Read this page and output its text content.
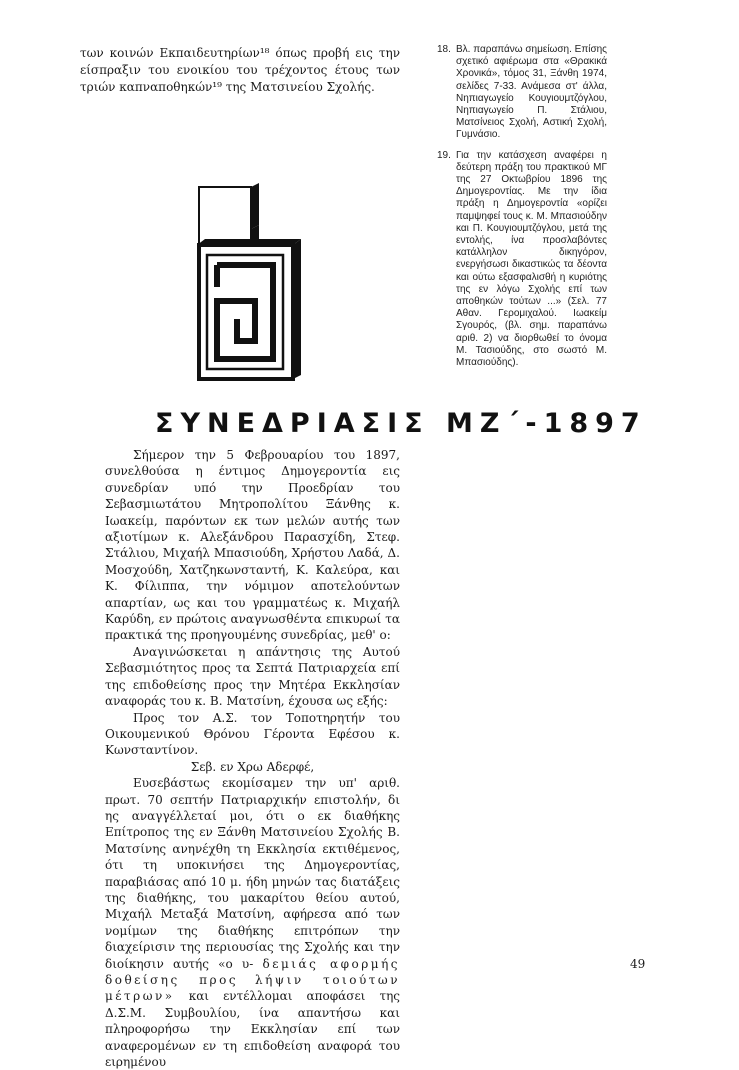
των κοινών Εκπαιδευτηρίων¹⁸ όπως προβή εις την είσπραξιν του ενοικίου του τρέχοντος έτους των τριών καπναποθηκών¹⁹ της Ματσινείου Σχολής.

18. Βλ. παραπάνω σημείωση. Επίσης σχετικό αφιέρωμα στα «Θρακικά Χρονικά», τόμος 31, Ξάνθη 1974, σελίδες 7-33. Ανάμεσα στ' άλλα, Νηπιαγωγείο Κουγιουμτζόγλου, Νηπιαγωγείο Π. Στάλιου, Ματσίνειος Σχολή, Αστική Σχολή, Γυμνάσιο.

19. Για την κατάσχεση αναφέρει η δεύτερη πράξη του πρακτικού ΜΓ της 27 Οκτωβρίου 1896 της Δημογεροντίας. Με την ίδια πράξη η Δημογεροντία «ορίζει παμψηφεί τους κ. Μ. Μπασιούδην και Π. Κουγιουμτζόγλου, μετά της εντολής, ίνα προσλαβόντες κατάλληλον δικηγόρον, ενεργήσωσι δικαστικώς τα δέοντα και ούτω εξασφαλισθή η κυριότης της εν λόγω Σχολής επί των αποθηκών τούτων ...» (Σελ. 77 Αθαν. Γερομιχαλού. Ιωακείμ Σγουρός, (βλ. σημ. παραπάνω αριθ. 2) να διορθωθεί το όνομα Μ. Τασιούδης, στο σωστό Μ. Μπασιούδης).

ΣΥΝΕΔΡΙΑΣΙΣ ΜΖ΄-1897

Σήμερον την 5 Φεβρουαρίου του 1897, συνελθούσα η έντιμος Δημογεροντία εις συνεδρίαν υπό την Προεδρίαν του Σεβασμιωτάτου Μητροπολίτου Ξάνθης κ. Ιωακείμ, παρόντων εκ των μελών αυτής των αξιοτίμων κ. Αλεξάνδρου Παρασχίδη, Στεφ. Στάλιου, Μιχαήλ Μπασιούδη, Χρήστου Λαδά, Δ. Μοσχούδη, Χατζηκωνσταντή, Κ. Καλεύρα, και Κ. Φίλιππα, την νόμιμον αποτελούντων απαρτίαν, ως και του γραμματέως κ. Μιχαήλ Καρύδη, εν πρώτοις αναγνωσθέντα επικυρωί τα πρακτικά της προηγουμένης συνεδρίας, μεθ' ο:

Αναγινώσκεται η απάντησις της Αυτού Σεβασμιότητος προς τα Σεπτά Πατριαρχεία επί της επιδοθείσης προς την Μητέρα Εκκλησίαν αναφοράς του κ. Β. Ματσίνη, έχουσα ως εξής:

Προς τον Α.Σ. τον Τοποτηρητήν του Οικουμενικού Θρόνου Γέροντα Εφέσου κ. Κωνσταντίνον.

Σεβ. εν Χρω Αδερφέ,

Ευσεβάστως εκομίσαμεν την υπ' αριθ. πρωτ. 70 σεπτήν Πατριαρχικήν επιστολήν, δι ης αναγγέλλεταί μοι, ότι ο εκ διαθήκης Επίτροπος της εν Ξάνθη Ματσινείου Σχολής Β. Ματσίνης ανηνέχθη τη Εκκλησία εκτιθέμενος, ότι τη υποκινήσει της Δημογεροντίας, παραβιάσας από 10 μ. ήδη μηνών τας διατάξεις της διαθήκης, του μακαρίτου θείου αυτού, Μιχαήλ Μεταξά Ματσίνη, αφήρεσα από των νομίμων της διαθήκης επιτρόπων την διαχείρισιν της περιουσίας της Σχολής και την διοίκησιν αυτής «ο υ- δεμιάς αφορμής δοθείσης προς λήψιν τοιούτων μέτρων» και εντέλλομαι αποφάσει της Δ.Σ.Μ. Συμβουλίου, ίνα απαντήσω και πληροφορήσω την Εκκλησίαν επί των αναφερομένων εν τη επιδοθείση αναφορά του ειρημένου

49
